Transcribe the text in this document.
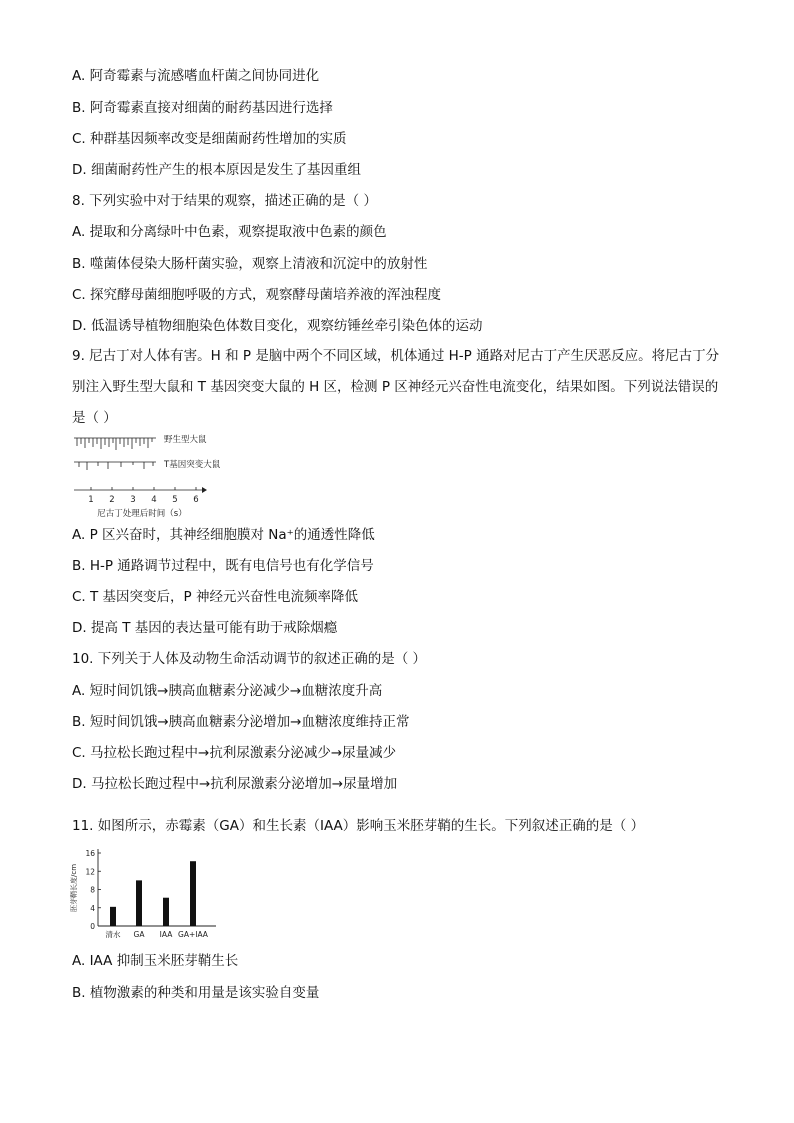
A. 阿奇霉素与流感嗜血杆菌之间协同进化
B. 阿奇霉素直接对细菌的耐药基因进行选择
C. 种群基因频率改变是细菌耐药性增加的实质
D. 细菌耐药性产生的根本原因是发生了基因重组
8. 下列实验中对于结果的观察，描述正确的是（ ）
A. 提取和分离绿叶中色素，观察提取液中色素的颜色
B. 噬菌体侵染大肠杆菌实验，观察上清液和沉淀中的放射性
C. 探究酵母菌细胞呼吸的方式，观察酵母菌培养液的浑浊程度
D. 低温诱导植物细胞染色体数目变化，观察纺锤丝牵引染色体的运动
9. 尼古丁对人体有害。H 和 P 是脑中两个不同区域，机体通过 H-P 通路对尼古丁产生厌恶反应。将尼古丁分别注入野生型大鼠和 T 基因突变大鼠的 H 区，检测 P 区神经元兴奋性电流变化，结果如图。下列说法错误的是（ ）
野生型大鼠
T基因突变大鼠
1 2 3 4 5 6
尼古丁处理后时间（s）
A. P 区兴奋时，其神经细胞膜对 Na⁺的通透性降低
B. H-P 通路调节过程中，既有电信号也有化学信号
C. T 基因突变后，P 神经元兴奋性电流频率降低
D. 提高 T 基因的表达量可能有助于戒除烟瘾
10. 下列关于人体及动物生命活动调节的叙述正确的是（ ）
A. 短时间饥饿→胰高血糖素分泌减少→血糖浓度升高
B. 短时间饥饿→胰高血糖素分泌增加→血糖浓度维持正常
C. 马拉松长跑过程中→抗利尿激素分泌减少→尿量减少
D. 马拉松长跑过程中→抗利尿激素分泌增加→尿量增加
11. 如图所示，赤霉素（GA）和生长素（IAA）影响玉米胚芽鞘的生长。下列叙述正确的是（ ）
胚芽鞘长度/cm
0
4
8
12
16
清水 GA IAA GA+IAA
A. IAA 抑制玉米胚芽鞘生长
B. 植物激素的种类和用量是该实验自变量
